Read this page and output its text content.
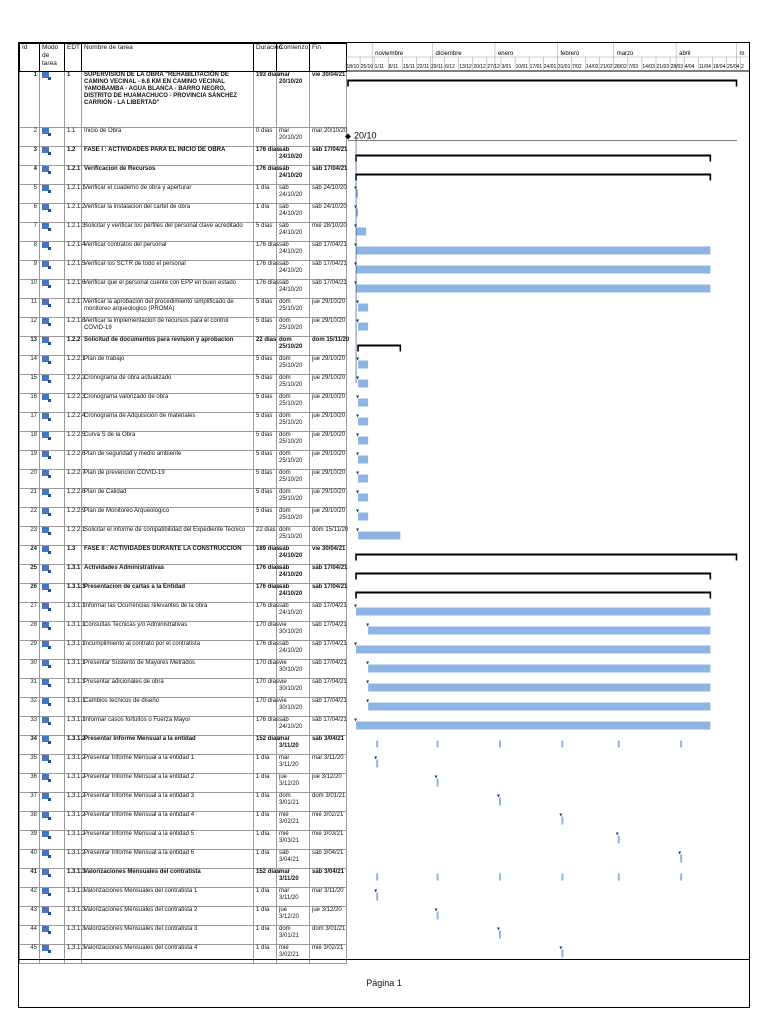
Id	Modo de tarea	EDT	Nombre de tarea	Duración	Comienzo	Fin
1		1	SUPERVISION DE LA OBRA "REHABILITACIÓN DE CAMINO VECINAL - 6.8 KM EN CAMINO VECINAL YAMOBAMBA - AGUA BLANCA - BARRO NEGRO, DISTRITO DE HUAMACHUCO - PROVINCIA SÁNCHEZ CARRIÓN - LA LIBERTAD"	193 días	mar 20/10/20	vie 30/04/21
2		1.1	Inicio de Obra	0 días	mar 20/10/20	mar 20/10/20
3		1.2	FASE I : ACTIVIDADES PARA EL INICIO DE OBRA	176 días	sáb 24/10/20	sáb 17/04/21
4		1.2.1	Verificacion de Recursos	176 días	sáb 24/10/20	sáb 17/04/21
5		1.2.1.1	Verificar el cuaderno de obra y aperturar	1 día	sáb 24/10/20	sáb 24/10/20
6		1.2.1.2	Verificar la instalacion del cartel de obra	1 día	sáb 24/10/20	sáb 24/10/20
7		1.2.1.3	Solicitar y verificar los perfiles del personal clave acreditado	5 días	sáb 24/10/20	mié 28/10/20
8		1.2.1.4	Verificar contratos del personal	176 días	sáb 24/10/20	sáb 17/04/21
9		1.2.1.5	Verificar los SCTR de todo el personal	176 días	sáb 24/10/20	sáb 17/04/21
10		1.2.1.6	Verificar que el personal cuente con EPP en buen estado	176 días	sáb 24/10/20	sáb 17/04/21
11		1.2.1.7	Verificar la aprobacion del procedimiento simplificado de monitoreo arqueologico (PROMA)	5 días	dom 25/10/20	jue 29/10/20
12		1.2.1.8	Verificar la implementacion de recursos para el control COVID-19	5 días	dom 25/10/20	jue 29/10/20
13		1.2.2	Solicitud de documentos para revision y aprobacion	22 días	dom 25/10/20	dom 15/11/20
14		1.2.2.1	Plan de trabajo	5 días	dom 25/10/20	jue 29/10/20
15		1.2.2.2	Cronograma de obra actualizado	5 días	dom 25/10/20	jue 29/10/20
16		1.2.2.3	Cronograma valorizado de obra	5 días	dom 25/10/20	jue 29/10/20
17		1.2.2.4	Cronograma de Adquisición de materiales	5 días	dom 25/10/20	jue 29/10/20
18		1.2.2.5	Curva S de la Obra	5 días	dom 25/10/20	jue 29/10/20
19		1.2.2.6	Plan de seguridad y medio ambiente	5 días	dom 25/10/20	jue 29/10/20
20		1.2.2.7	Plan de prevencion COVID-19	5 días	dom 25/10/20	jue 29/10/20
21		1.2.2.8	Plan de Calidad	5 días	dom 25/10/20	jue 29/10/20
22		1.2.2.9	Plan de Monitoreo Arqueologico	5 días	dom 25/10/20	jue 29/10/20
23		1.2.2.1	Solicitar el informe de compatibilidad del Expediente Tecnico	22 días	dom 25/10/20	dom 15/11/20
24		1.3	FASE II : ACTIVIDADES DURANTE LA CONSTRUCCION	189 días	sáb 24/10/20	vie 30/04/21
25		1.3.1	Actividades Administrativas	176 días	sáb 24/10/20	sáb 17/04/21
26		1.3.1.1	Presentacion de cartas a la Entidad	176 días	sáb 24/10/20	sáb 17/04/21
27		1.3.1.1	Informar las Ocurrencias relevantes de la obra	176 días	sáb 24/10/20	sáb 17/04/21
28		1.3.1.1	Consultas Tecnicas y/o Administrativas	170 días	vie 30/10/20	sáb 17/04/21
29		1.3.1.1	Incumplimiento al contrato por el contratista	176 días	sáb 24/10/20	sáb 17/04/21
30		1.3.1.1	Presentar Sustento de Mayores Metrados	170 días	vie 30/10/20	sáb 17/04/21
31		1.3.1.1	Presentar adicionales de obra	170 días	vie 30/10/20	sáb 17/04/21
32		1.3.1.1	Cambios tecnicos de diseño	170 días	vie 30/10/20	sáb 17/04/21
33		1.3.1.1	Informar casos fortuitos o Fuerza Mayor	176 días	sáb 24/10/20	sáb 17/04/21
34		1.3.1.2	Presentar Informe Mensual a la entidad	152 días	mar 3/11/20	sáb 3/04/21
35		1.3.1.2	Presentar Informe Mensual a la entidad 1	1 día	mar 3/11/20	mar 3/11/20
36		1.3.1.2	Presentar Informe Mensual a la entidad 2	1 día	jue 3/12/20	jue 3/12/20
37		1.3.1.2	Presentar Informe Mensual a la entidad 3	1 día	dom 3/01/21	dom 3/01/21
38		1.3.1.2	Presentar Informe Mensual a la entidad 4	1 día	mié 3/02/21	mié 3/02/21
39		1.3.1.2	Presentar Informe Mensual a la entidad 5	1 día	mié 3/03/21	mié 3/03/21
40		1.3.1.2	Presentar Informe Mensual a la entidad 6	1 día	sáb 3/04/21	sáb 3/04/21
41		1.3.1.3	Valorizaciones Mensuales del contratista	152 días	mar 3/11/20	sáb 3/04/21
42		1.3.1.3	Valorizaciones Mensuales del contratista 1	1 día	mar 3/11/20	mar 3/11/20
43		1.3.1.3	Valorizaciones Mensuales del contratista 2	1 día	jue 3/12/20	jue 3/12/20
44		1.3.1.3	Valorizaciones Mensuales del contratista 3	1 día	dom 3/01/21	dom 3/01/21
45		1.3.1.3	Valorizaciones Mensuales del contratista 4	1 día	mié 3/02/21	mié 3/02/21
noviembre	diciembre	enero	febrero	marzo	abril	m
18/10 25/10 1/11 8/11 15/11 22/11 29/11 6/12 13/12 20/12 27/12 3/01 10/01 17/01 24/01 31/01 7/02 14/02 21/02 28/02 7/03 14/03 21/03 28/03 4/04 11/04 18/04 25/04 2
20/10
Página 1
